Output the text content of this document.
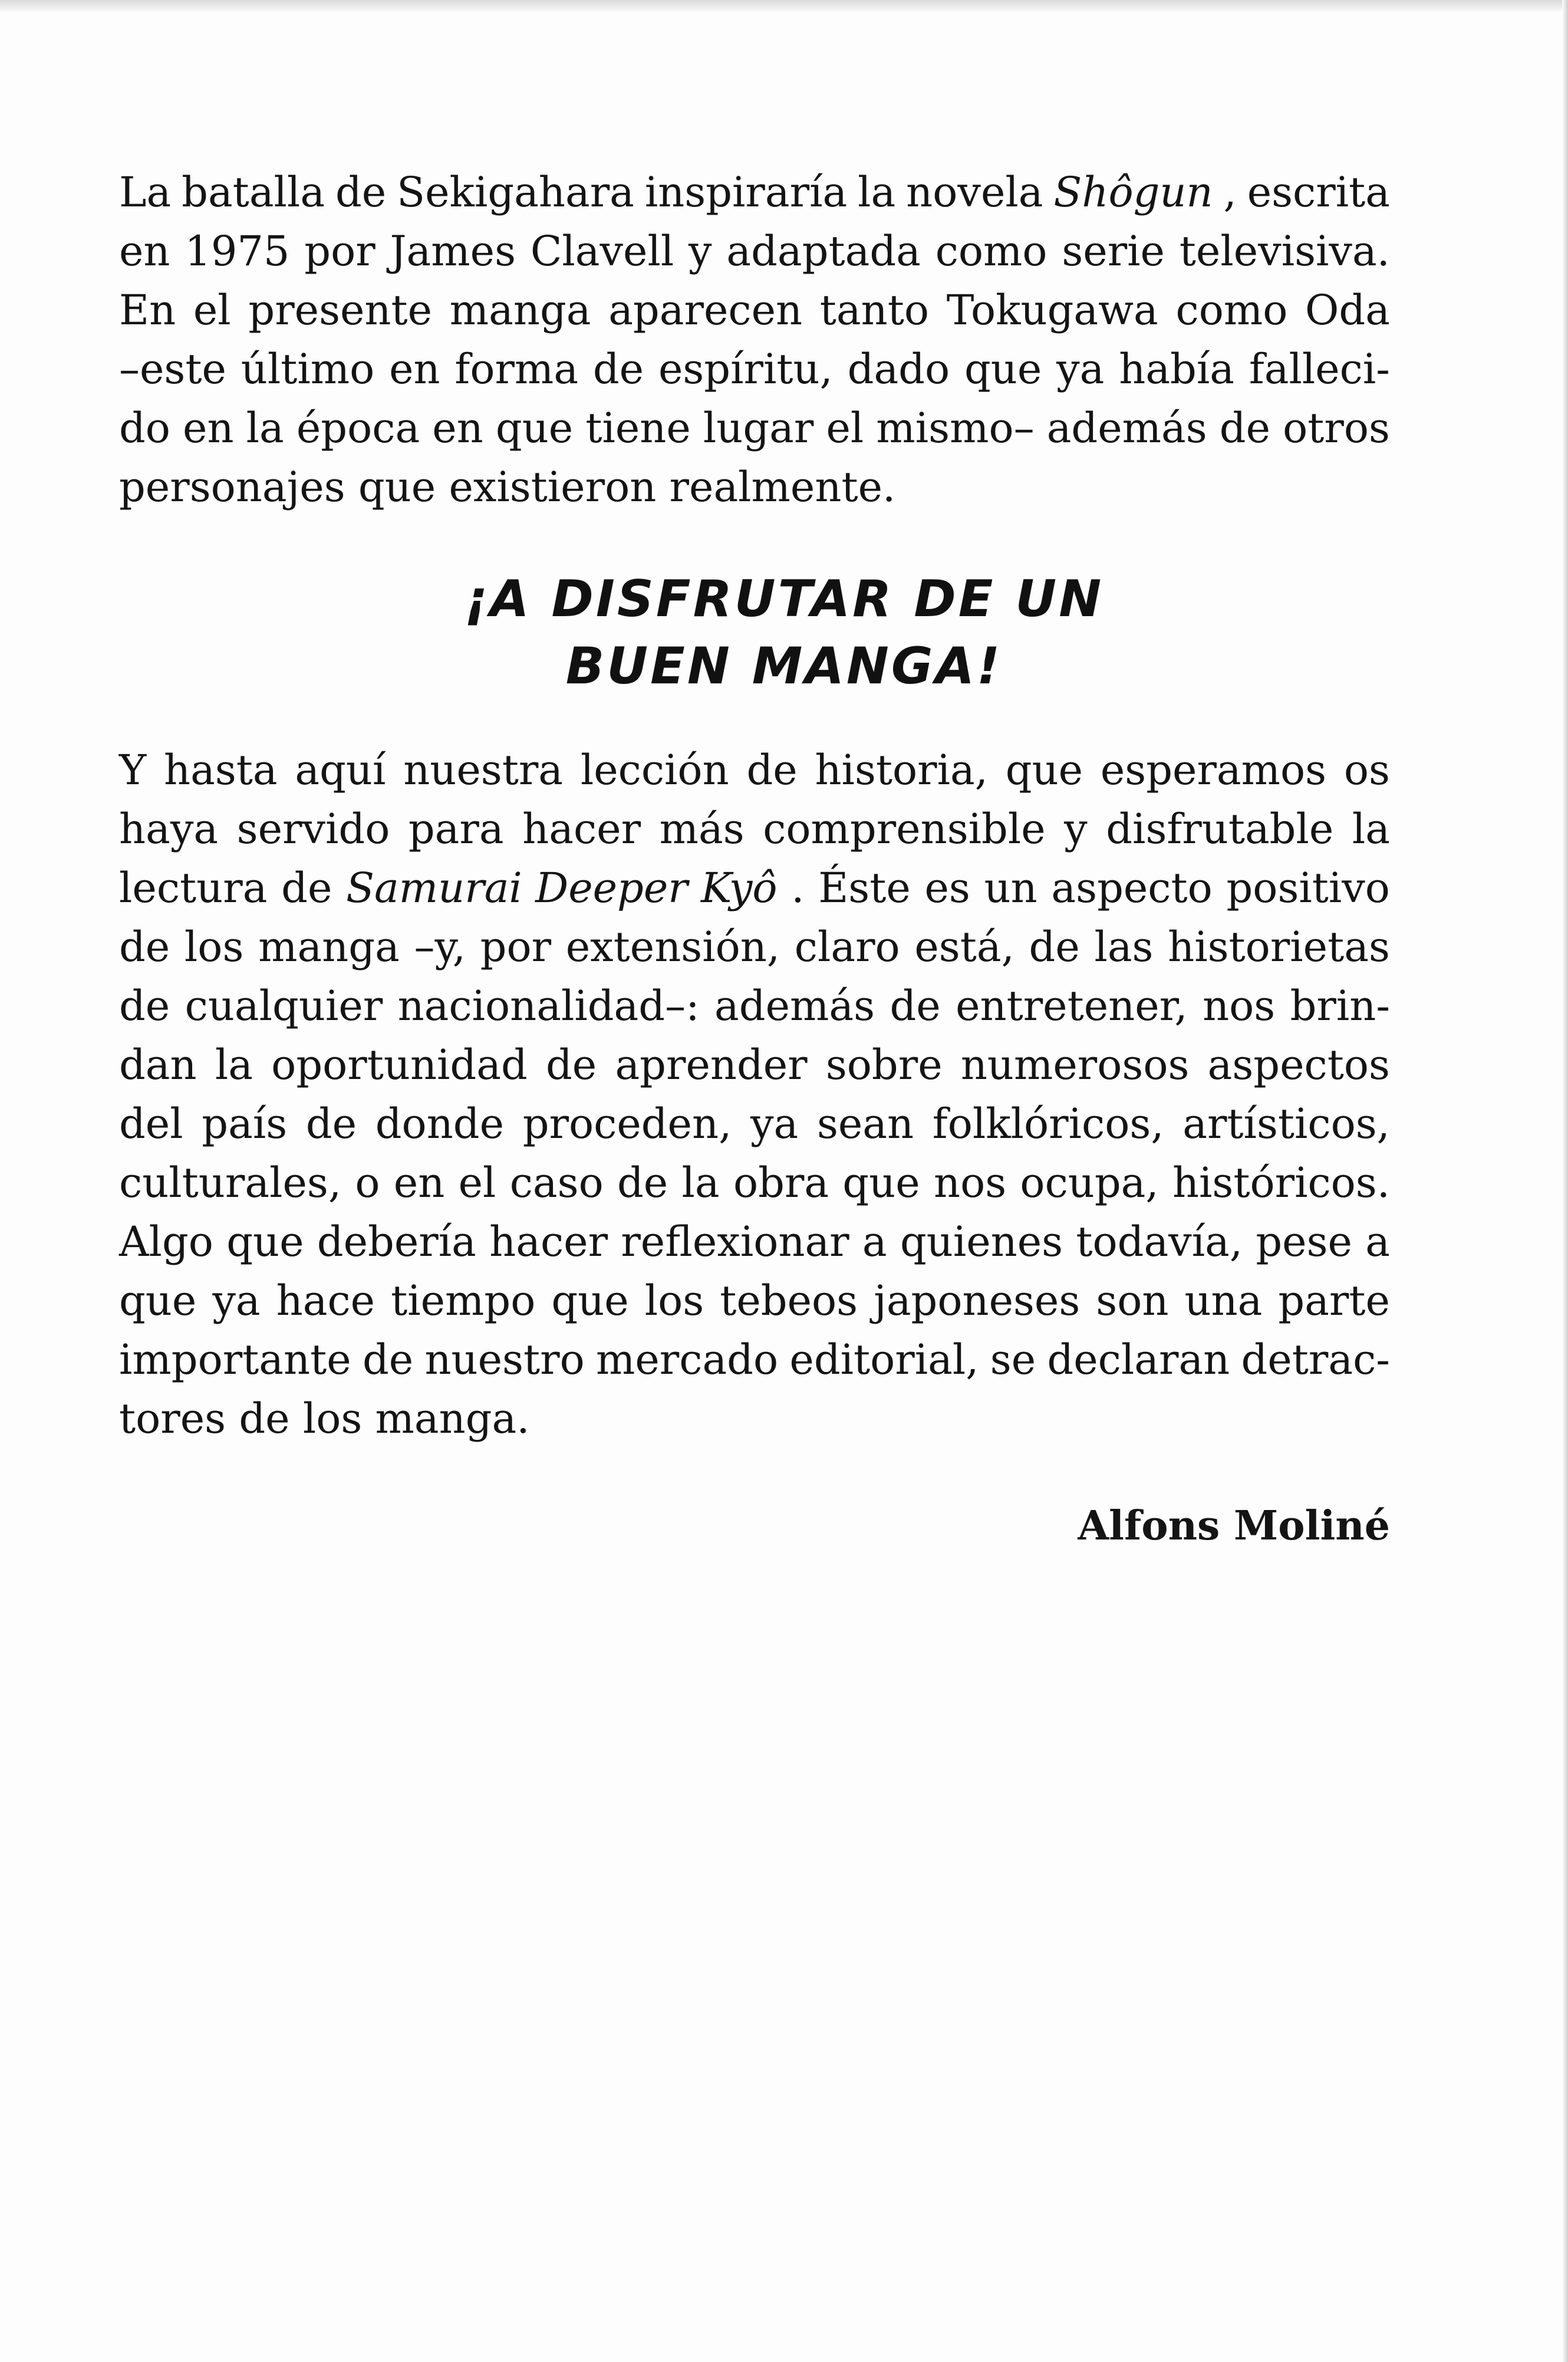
La batalla de Sekigahara inspiraría la novela Shôgun , escrita
en 1975 por James Clavell y adaptada como serie televisiva.
En el presente manga aparecen tanto Tokugawa como Oda
–este último en forma de espíritu, dado que ya había falleci-
do en la época en que tiene lugar el mismo– además de otros
personajes que existieron realmente.
¡A DISFRUTAR DE UN
BUEN MANGA!
Y hasta aquí nuestra lección de historia, que esperamos os
haya servido para hacer más comprensible y disfrutable la
lectura de Samurai Deeper Kyô . Éste es un aspecto positivo
de los manga –y, por extensión, claro está, de las historietas
de cualquier nacionalidad–: además de entretener, nos brin-
dan la oportunidad de aprender sobre numerosos aspectos
del país de donde proceden, ya sean folklóricos, artísticos,
culturales, o en el caso de la obra que nos ocupa, históricos.
Algo que debería hacer reflexionar a quienes todavía, pese a
que ya hace tiempo que los tebeos japoneses son una parte
importante de nuestro mercado editorial, se declaran detrac-
tores de los manga.
Alfons Moliné
